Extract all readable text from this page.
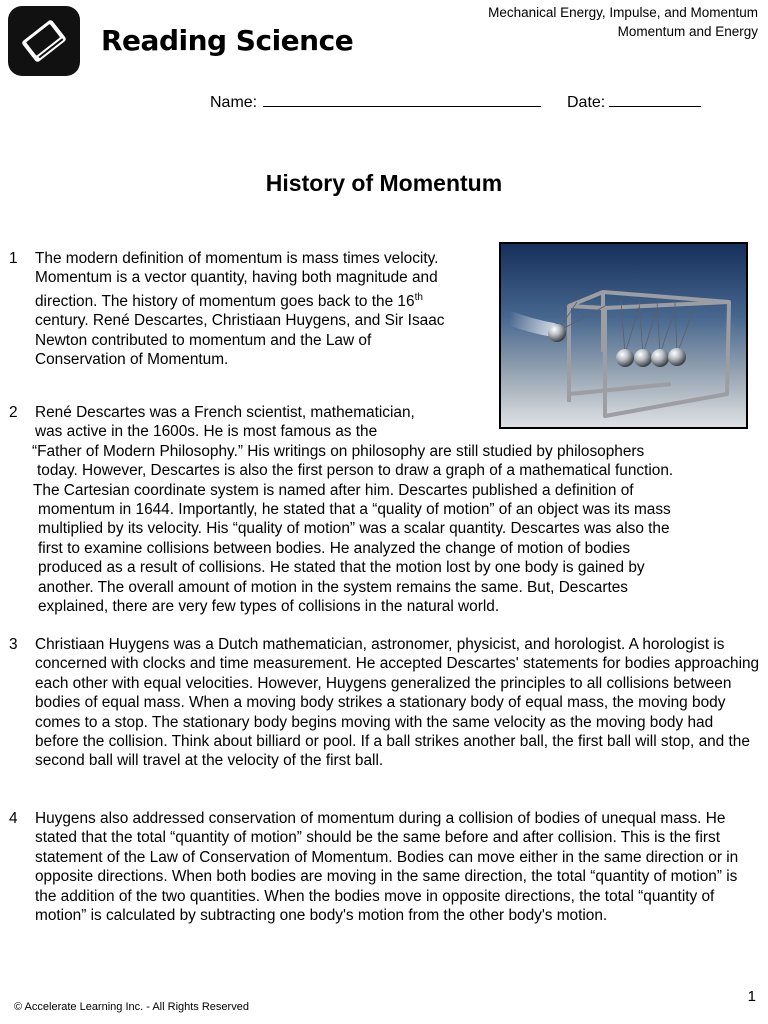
Reading Science
Mechanical Energy, Impulse, and Momentum
Momentum and Energy
Name:	Date:
History of Momentum
1 The modern definition of momentum is mass times velocity. Momentum is a vector quantity, having both magnitude and direction. The history of momentum goes back to the 16th century. René Descartes, Christiaan Huygens, and Sir Isaac Newton contributed to momentum and the Law of Conservation of Momentum.
2 René Descartes was a French scientist, mathematician,
was active in the 1600s. He is most famous as the
“Father of Modern Philosophy.” His writings on philosophy are still studied by philosophers
today. However, Descartes is also the first person to draw a graph of a mathematical function.
The Cartesian coordinate system is named after him. Descartes published a definition of
momentum in 1644. Importantly, he stated that a “quality of motion” of an object was its mass
multiplied by its velocity. His “quality of motion” was a scalar quantity. Descartes was also the
first to examine collisions between bodies. He analyzed the change of motion of bodies
produced as a result of collisions. He stated that the motion lost by one body is gained by
another. The overall amount of motion in the system remains the same. But, Descartes
explained, there are very few types of collisions in the natural world.
3 Christiaan Huygens was a Dutch mathematician, astronomer, physicist, and horologist. A horologist is concerned with clocks and time measurement. He accepted Descartes' statements for bodies approaching each other with equal velocities. However, Huygens generalized the principles to all collisions between bodies of equal mass. When a moving body strikes a stationary body of equal mass, the moving body comes to a stop. The stationary body begins moving with the same velocity as the moving body had before the collision. Think about billiard or pool. If a ball strikes another ball, the first ball will stop, and the second ball will travel at the velocity of the first ball.
4 Huygens also addressed conservation of momentum during a collision of bodies of unequal mass. He stated that the total “quantity of motion” should be the same before and after collision. This is the first statement of the Law of Conservation of Momentum. Bodies can move either in the same direction or in opposite directions. When both bodies are moving in the same direction, the total “quantity of motion” is the addition of the two quantities. When the bodies move in opposite directions, the total “quantity of motion” is calculated by subtracting one body's motion from the other body's motion.
© Accelerate Learning Inc. - All Rights Reserved
1
